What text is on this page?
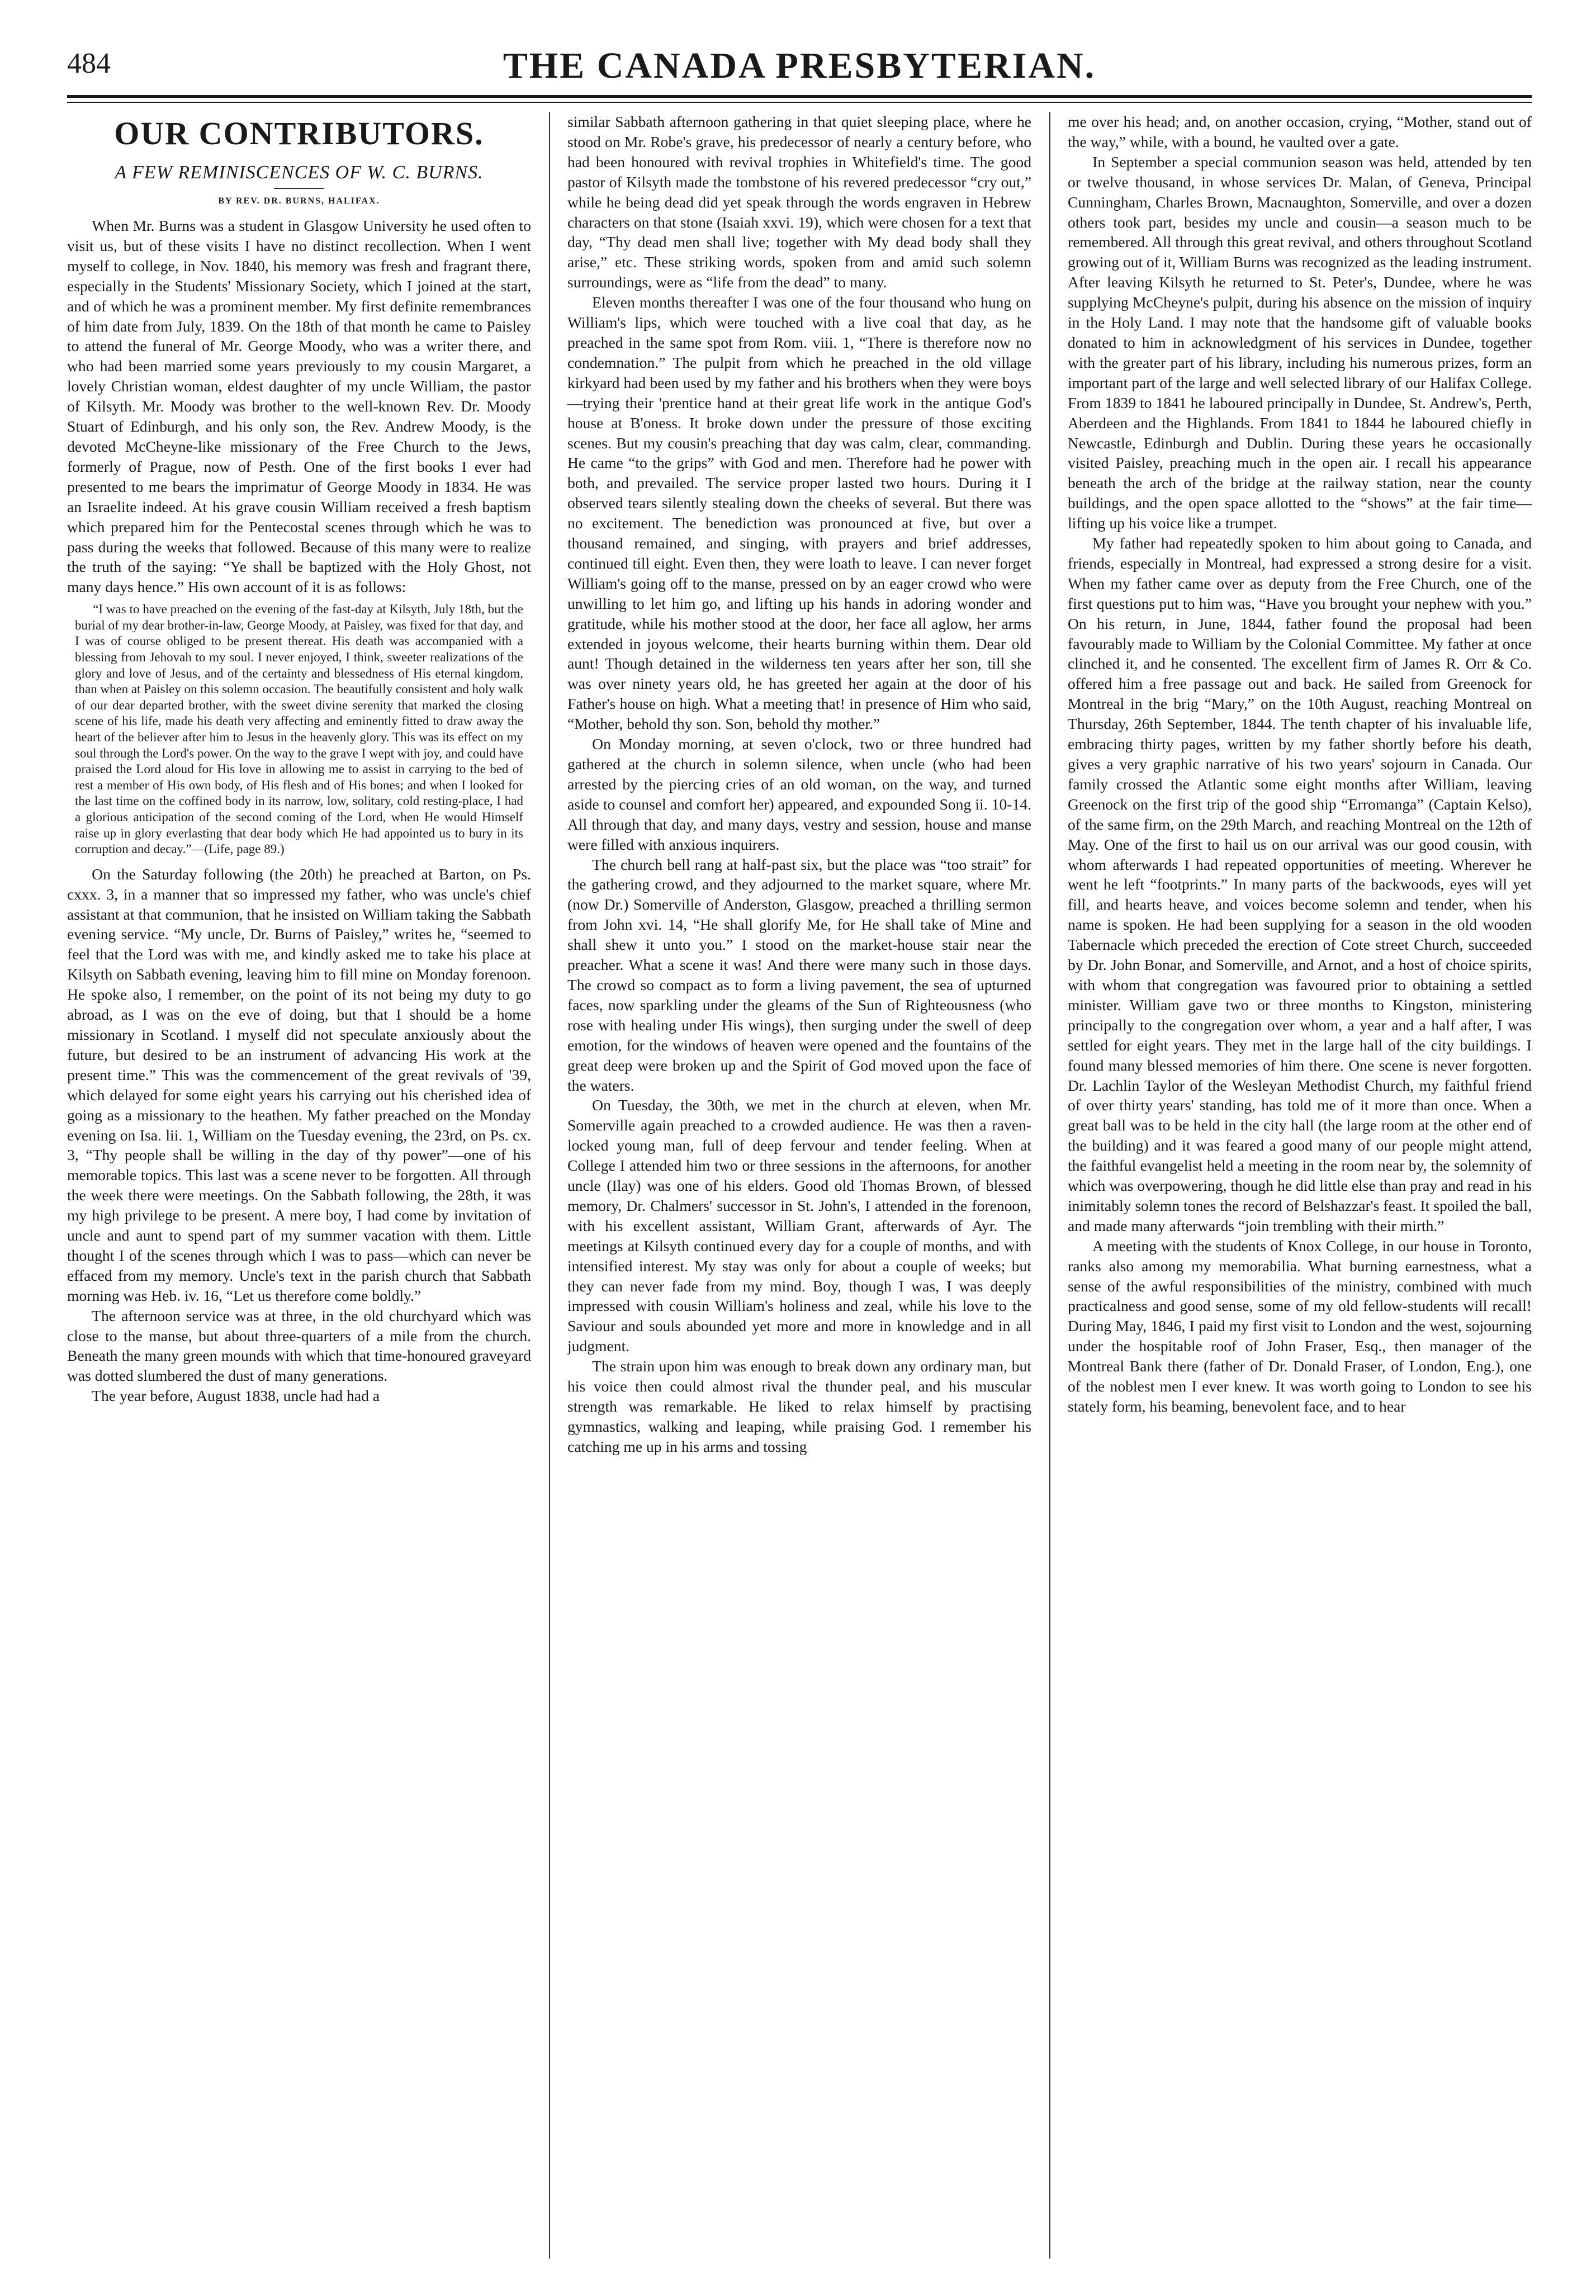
484	THE CANADA PRESBYTERIAN.
OUR CONTRIBUTORS.
A FEW REMINISCENCES OF W. C. BURNS.
BY REV. DR. BURNS, HALIFAX.

When Mr. Burns was a student in Glasgow University he used often to visit us, but of these visits I have no distinct recollection. When I went myself to college, in Nov. 1840, his memory was fresh and fragrant there, especially in the Students' Missionary Society, which I joined at the start, and of which he was a prominent member. My first definite remembrances of him date from July, 1839. On the 18th of that month he came to Paisley to attend the funeral of Mr. George Moody, who was a writer there, and who had been married some years previously to my cousin Margaret, a lovely Christian woman, eldest daughter of my uncle William, the pastor of Kilsyth. Mr. Moody was brother to the well-known Rev. Dr. Moody Stuart of Edinburgh, and his only son, the Rev. Andrew Moody, is the devoted McCheyne-like missionary of the Free Church to the Jews, formerly of Prague, now of Pesth. One of the first books I ever had presented to me bears the imprimatur of George Moody in 1834. He was an Israelite indeed. At his grave cousin William received a fresh baptism which prepared him for the Pentecostal scenes through which he was to pass during the weeks that followed. Because of this many were to realize the truth of the saying: “Ye shall be baptized with the Holy Ghost, not many days hence.” His own account of it is as follows:

“I was to have preached on the evening of the fast-day at Kilsyth, July 18th, but the burial of my dear brother-in-law, George Moody, at Paisley, was fixed for that day, and I was of course obliged to be present thereat. His death was accompanied with a blessing from Jehovah to my soul. I never enjoyed, I think, sweeter realizations of the glory and love of Jesus, and of the certainty and blessedness of His eternal kingdom, than when at Paisley on this solemn occasion. The beautifully consistent and holy walk of our dear departed brother, with the sweet divine serenity that marked the closing scene of his life, made his death very affecting and eminently fitted to draw away the heart of the believer after him to Jesus in the heavenly glory. This was its effect on my soul through the Lord's power. On the way to the grave I wept with joy, and could have praised the Lord aloud for His love in allowing me to assist in carrying to the bed of rest a member of His own body, of His flesh and of His bones; and when I looked for the last time on the coffined body in its narrow, low, solitary, cold resting-place, I had a glorious anticipation of the second coming of the Lord, when He would Himself raise up in glory everlasting that dear body which He had appointed us to bury in its corruption and decay.”—(Life, page 89.)

On the Saturday following (the 20th) he preached at Barton, on Ps. cxxx. 3, in a manner that so impressed my father, who was uncle's chief assistant at that communion, that he insisted on William taking the Sabbath evening service. “My uncle, Dr. Burns of Paisley,” writes he, “seemed to feel that the Lord was with me, and kindly asked me to take his place at Kilsyth on Sabbath evening, leaving him to fill mine on Monday forenoon. He spoke also, I remember, on the point of its not being my duty to go abroad, as I was on the eve of doing, but that I should be a home missionary in Scotland. I myself did not speculate anxiously about the future, but desired to be an instrument of advancing His work at the present time.” This was the commencement of the great revivals of '39, which delayed for some eight years his carrying out his cherished idea of going as a missionary to the heathen. My father preached on the Monday evening on Isa. lii. 1, William on the Tuesday evening, the 23rd, on Ps. cx. 3, “Thy people shall be willing in the day of thy power”—one of his memorable topics. This last was a scene never to be forgotten. All through the week there were meetings. On the Sabbath following, the 28th, it was my high privilege to be present. A mere boy, I had come by invitation of uncle and aunt to spend part of my summer vacation with them. Little thought I of the scenes through which I was to pass—which can never be effaced from my memory. Uncle's text in the parish church that Sabbath morning was Heb. iv. 16, “Let us therefore come boldly.”

The afternoon service was at three, in the old churchyard which was close to the manse, but about three-quarters of a mile from the church. Beneath the many green mounds with which that time-honoured graveyard was dotted slumbered the dust of many generations.

The year before, August 1838, uncle had had a

similar Sabbath afternoon gathering in that quiet sleeping place, where he stood on Mr. Robe's grave, his predecessor of nearly a century before, who had been honoured with revival trophies in Whitefield's time. The good pastor of Kilsyth made the tombstone of his revered predecessor “cry out,” while he being dead did yet speak through the words engraven in Hebrew characters on that stone (Isaiah xxvi. 19), which were chosen for a text that day, “Thy dead men shall live; together with My dead body shall they arise,” etc. These striking words, spoken from and amid such solemn surroundings, were as “life from the dead” to many.

Eleven months thereafter I was one of the four thousand who hung on William's lips, which were touched with a live coal that day, as he preached in the same spot from Rom. viii. 1, “There is therefore now no condemnation.” The pulpit from which he preached in the old village kirkyard had been used by my father and his brothers when they were boys—trying their 'prentice hand at their great life work in the antique God's house at B'oness. It broke down under the pressure of those exciting scenes. But my cousin's preaching that day was calm, clear, commanding. He came “to the grips” with God and men. Therefore had he power with both, and prevailed. The service proper lasted two hours. During it I observed tears silently stealing down the cheeks of several. But there was no excitement. The benediction was pronounced at five, but over a thousand remained, and singing, with prayers and brief addresses, continued till eight. Even then, they were loath to leave. I can never forget William's going off to the manse, pressed on by an eager crowd who were unwilling to let him go, and lifting up his hands in adoring wonder and gratitude, while his mother stood at the door, her face all aglow, her arms extended in joyous welcome, their hearts burning within them. Dear old aunt! Though detained in the wilderness ten years after her son, till she was over ninety years old, he has greeted her again at the door of his Father's house on high. What a meeting that! in presence of Him who said, “Mother, behold thy son. Son, behold thy mother.”

On Monday morning, at seven o'clock, two or three hundred had gathered at the church in solemn silence, when uncle (who had been arrested by the piercing cries of an old woman, on the way, and turned aside to counsel and comfort her) appeared, and expounded Song ii. 10-14. All through that day, and many days, vestry and session, house and manse were filled with anxious inquirers.

The church bell rang at half-past six, but the place was “too strait” for the gathering crowd, and they adjourned to the market square, where Mr. (now Dr.) Somerville of Anderston, Glasgow, preached a thrilling sermon from John xvi. 14, “He shall glorify Me, for He shall take of Mine and shall shew it unto you.” I stood on the market-house stair near the preacher. What a scene it was! And there were many such in those days. The crowd so compact as to form a living pavement, the sea of upturned faces, now sparkling under the gleams of the Sun of Righteousness (who rose with healing under His wings), then surging under the swell of deep emotion, for the windows of heaven were opened and the fountains of the great deep were broken up and the Spirit of God moved upon the face of the waters.

On Tuesday, the 30th, we met in the church at eleven, when Mr. Somerville again preached to a crowded audience. He was then a raven-locked young man, full of deep fervour and tender feeling. When at College I attended him two or three sessions in the afternoons, for another uncle (Ilay) was one of his elders. Good old Thomas Brown, of blessed memory, Dr. Chalmers' successor in St. John's, I attended in the forenoon, with his excellent assistant, William Grant, afterwards of Ayr. The meetings at Kilsyth continued every day for a couple of months, and with intensified interest. My stay was only for about a couple of weeks; but they can never fade from my mind. Boy, though I was, I was deeply impressed with cousin William's holiness and zeal, while his love to the Saviour and souls abounded yet more and more in knowledge and in all judgment.

The strain upon him was enough to break down any ordinary man, but his voice then could almost rival the thunder peal, and his muscular strength was remarkable. He liked to relax himself by practising gymnastics, walking and leaping, while praising God. I remember his catching me up in his arms and tossing

me over his head; and, on another occasion, crying, “Mother, stand out of the way,” while, with a bound, he vaulted over a gate.

In September a special communion season was held, attended by ten or twelve thousand, in whose services Dr. Malan, of Geneva, Principal Cunningham, Charles Brown, Macnaughton, Somerville, and over a dozen others took part, besides my uncle and cousin—a season much to be remembered. All through this great revival, and others throughout Scotland growing out of it, William Burns was recognized as the leading instrument. After leaving Kilsyth he returned to St. Peter's, Dundee, where he was supplying McCheyne's pulpit, during his absence on the mission of inquiry in the Holy Land. I may note that the handsome gift of valuable books donated to him in acknowledgment of his services in Dundee, together with the greater part of his library, including his numerous prizes, form an important part of the large and well selected library of our Halifax College. From 1839 to 1841 he laboured principally in Dundee, St. Andrew's, Perth, Aberdeen and the Highlands. From 1841 to 1844 he laboured chiefly in Newcastle, Edinburgh and Dublin. During these years he occasionally visited Paisley, preaching much in the open air. I recall his appearance beneath the arch of the bridge at the railway station, near the county buildings, and the open space allotted to the “shows” at the fair time—lifting up his voice like a trumpet.

My father had repeatedly spoken to him about going to Canada, and friends, especially in Montreal, had expressed a strong desire for a visit. When my father came over as deputy from the Free Church, one of the first questions put to him was, “Have you brought your nephew with you.” On his return, in June, 1844, father found the proposal had been favourably made to William by the Colonial Committee. My father at once clinched it, and he consented. The excellent firm of James R. Orr & Co. offered him a free passage out and back. He sailed from Greenock for Montreal in the brig “Mary,” on the 10th August, reaching Montreal on Thursday, 26th September, 1844. The tenth chapter of his invaluable life, embracing thirty pages, written by my father shortly before his death, gives a very graphic narrative of his two years' sojourn in Canada. Our family crossed the Atlantic some eight months after William, leaving Greenock on the first trip of the good ship “Erromanga” (Captain Kelso), of the same firm, on the 29th March, and reaching Montreal on the 12th of May. One of the first to hail us on our arrival was our good cousin, with whom afterwards I had repeated opportunities of meeting. Wherever he went he left “footprints.” In many parts of the backwoods, eyes will yet fill, and hearts heave, and voices become solemn and tender, when his name is spoken. He had been supplying for a season in the old wooden Tabernacle which preceded the erection of Cote street Church, succeeded by Dr. John Bonar, and Somerville, and Arnot, and a host of choice spirits, with whom that congregation was favoured prior to obtaining a settled minister. William gave two or three months to Kingston, ministering principally to the congregation over whom, a year and a half after, I was settled for eight years. They met in the large hall of the city buildings. I found many blessed memories of him there. One scene is never forgotten. Dr. Lachlin Taylor of the Wesleyan Methodist Church, my faithful friend of over thirty years' standing, has told me of it more than once. When a great ball was to be held in the city hall (the large room at the other end of the building) and it was feared a good many of our people might attend, the faithful evangelist held a meeting in the room near by, the solemnity of which was overpowering, though he did little else than pray and read in his inimitably solemn tones the record of Belshazzar's feast. It spoiled the ball, and made many afterwards “join trembling with their mirth.”

A meeting with the students of Knox College, in our house in Toronto, ranks also among my memorabilia. What burning earnestness, what a sense of the awful responsibilities of the ministry, combined with much practicalness and good sense, some of my old fellow-students will recall! During May, 1846, I paid my first visit to London and the west, sojourning under the hospitable roof of John Fraser, Esq., then manager of the Montreal Bank there (father of Dr. Donald Fraser, of London, Eng.), one of the noblest men I ever knew. It was worth going to London to see his stately form, his beaming, benevolent face, and to hear
